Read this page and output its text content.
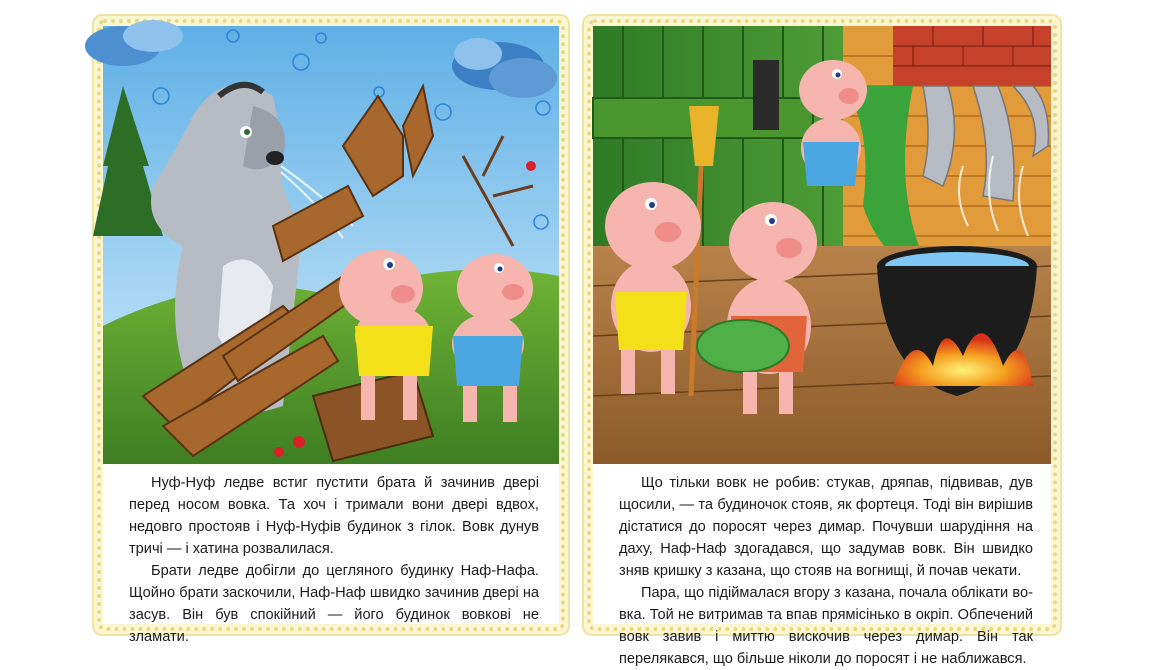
Нуф-Нуф ледве встиг пустити брата й зачинив двері перед носом вовка. Та хоч і тримали вони двері вдвох, недовго простояв і Нуф-Нуфів будинок з гілок. Вовк дунув тричі — і хатина розвалилася.

Брати ледве добігли до цегляного будинку Наф-Нафа. Щойно брати заскочили, Наф-Наф швидко зачинив двері на засув. Він був спокійний — його будинок вовкові не зламати.

Що тільки вовк не робив: стукав, дряпав, підвивав, дув щосили, — та будиночок стояв, як фортеця. Тоді він вирішив дістатися до поросят через димар. Почувши шарудіння на даху, Наф-Наф здогадався, що задумав вовк. Він швидко зняв кришку з казана, що стояв на вогнищі, й почав чекати.

Пара, що підіймалася вгору з казана, почала облікати вовка. Той не витримав та впав прямісінько в окріп. Обпечений вовк завив і миттю вискочив через димар. Він так перелякався, що більше ніколи до поросят і не наближався.
